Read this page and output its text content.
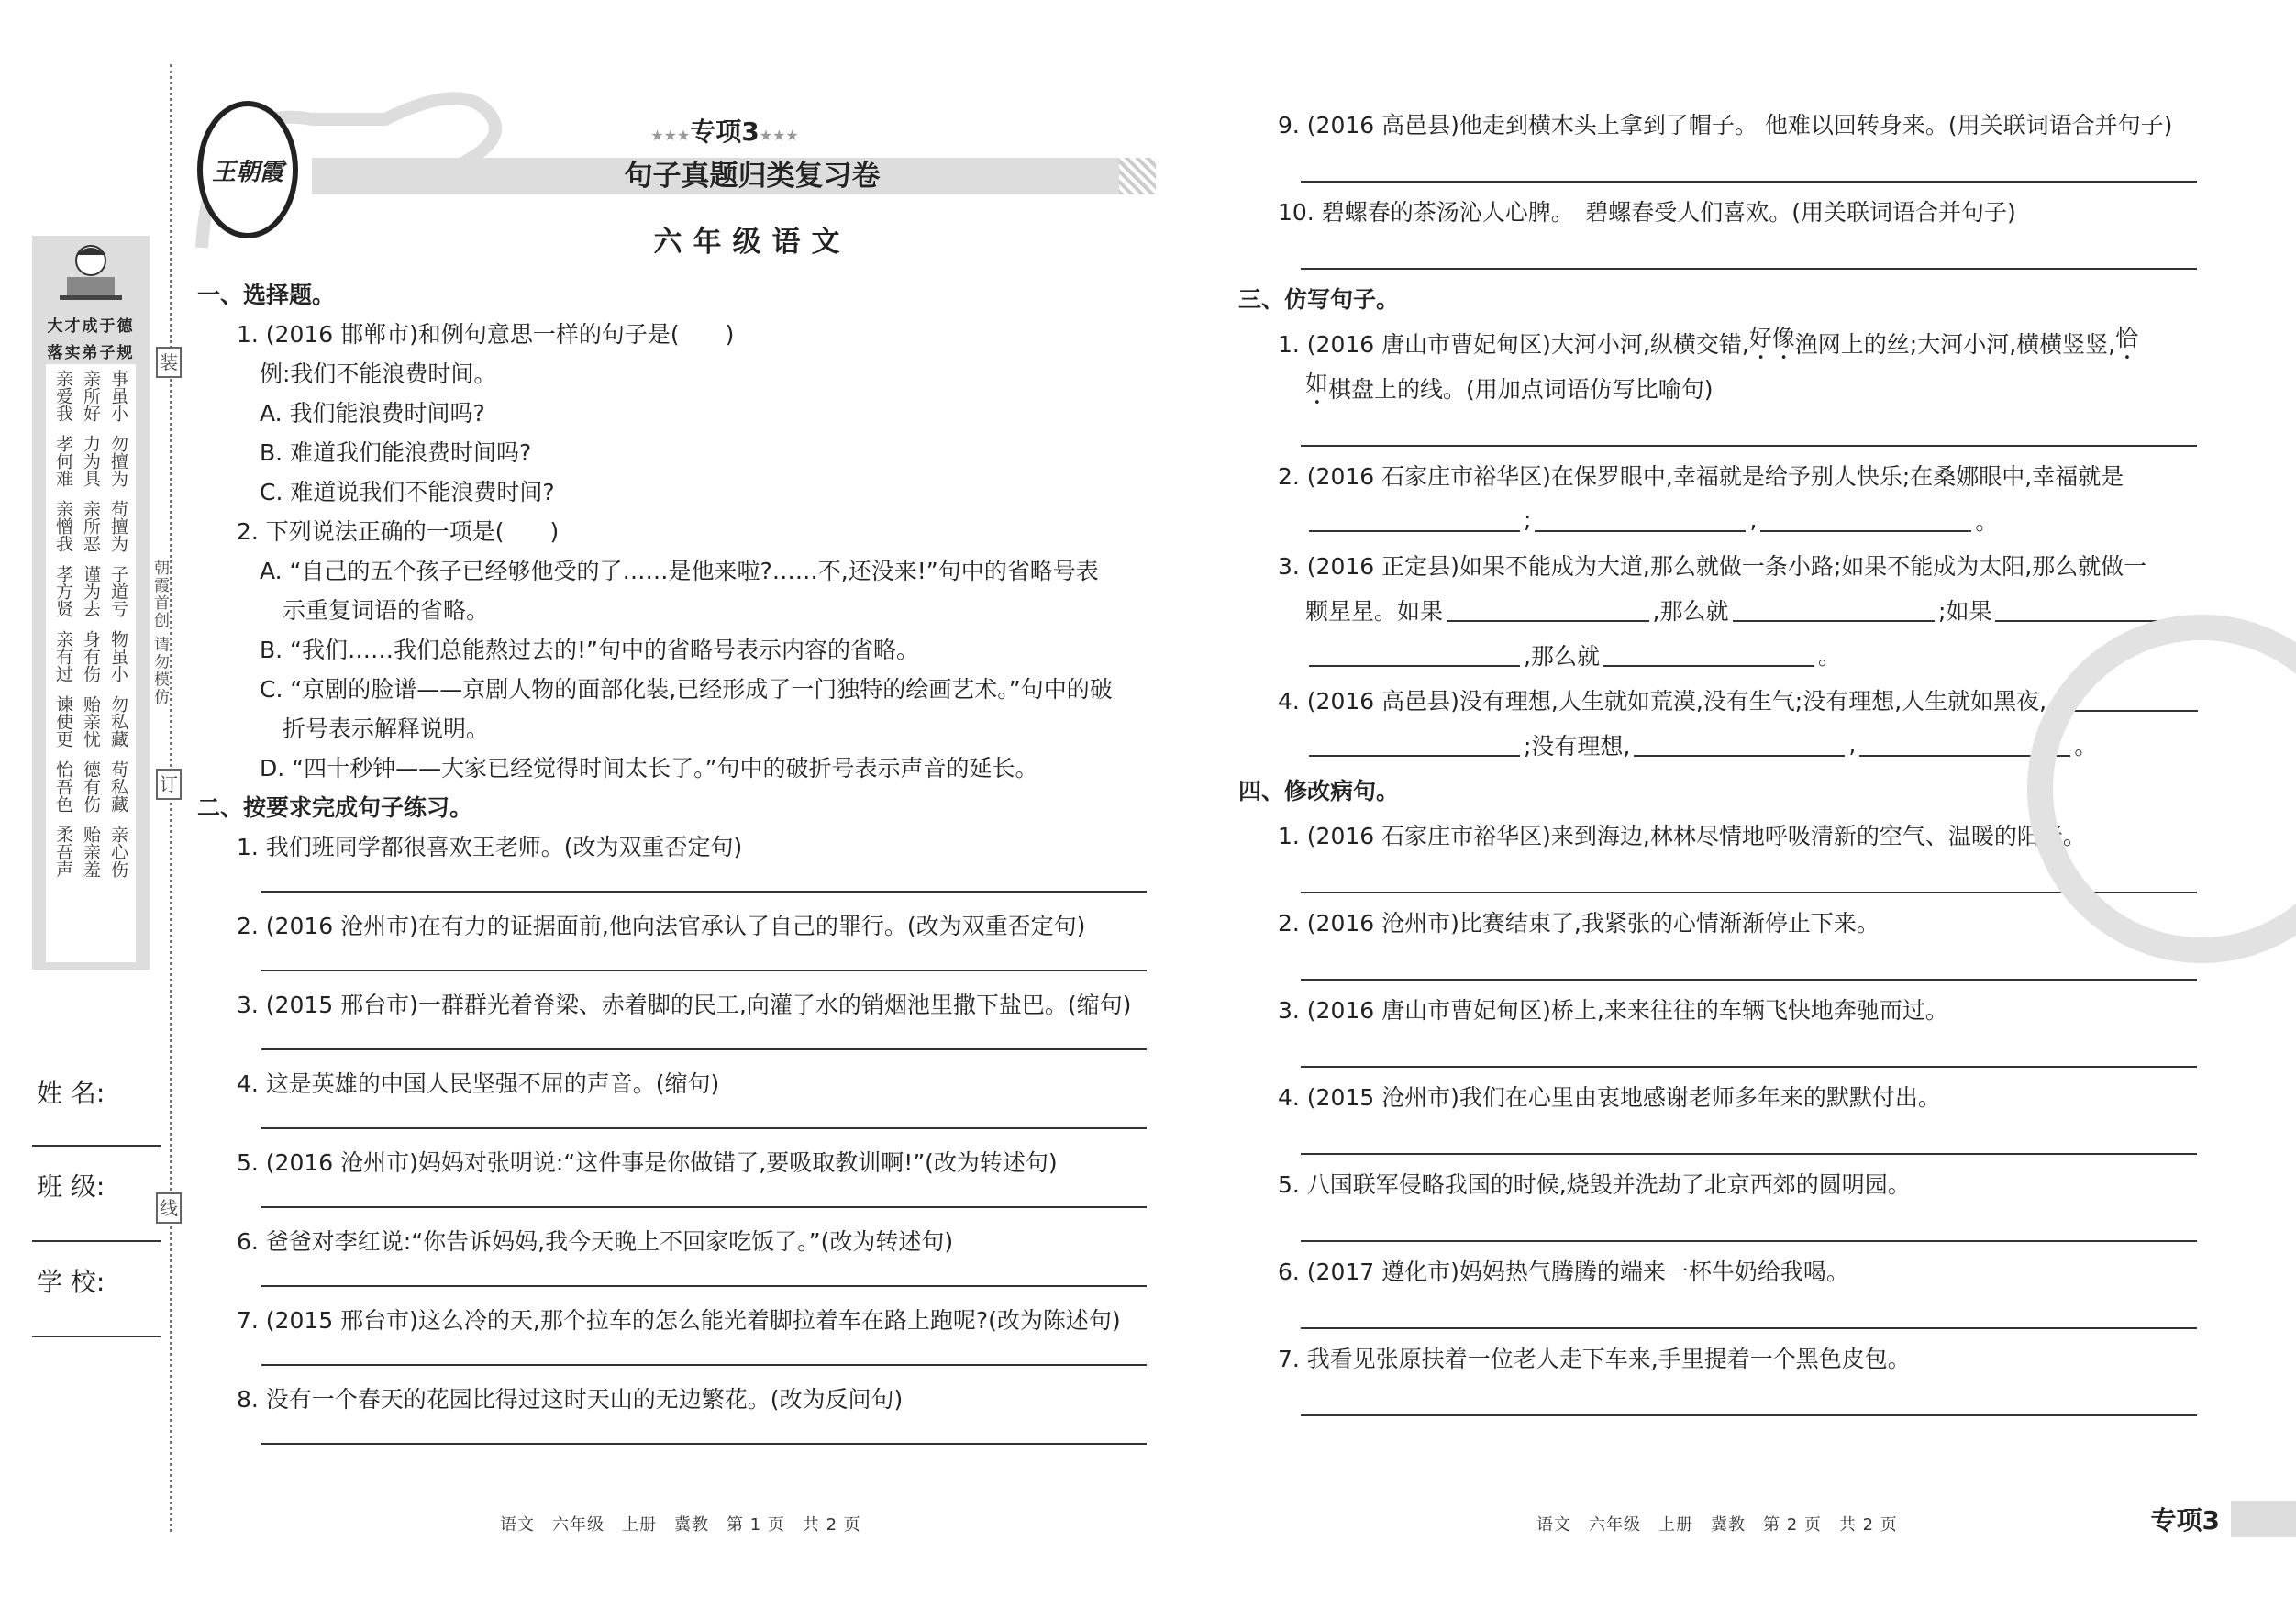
装
订
线
朝霞首创 请勿模仿
大才成于德
落实弟子规
亲爱我 亲所好 事虽小
孝何难 力为具 勿擅为
亲憎我 亲所恶 苟擅为
孝方贤 谨为去 子道亏
亲有过 身有伤 物虽小
谏使更 贻亲忧 勿私藏
怡吾色 德有伤 苟私藏
柔吾声 贻亲羞 亲心伤
姓 名:
班 级:
学 校:
王朝霞
★★★专项3★★★
句子真题归类复习卷
六年级语文
一、选择题。
1. (2016 邯郸市)和例句意思一样的句子是(　　)
　例:我们不能浪费时间。
　A. 我们能浪费时间吗?
　B. 难道我们能浪费时间吗?
　C. 难道说我们不能浪费时间?
2. 下列说法正确的一项是(　　)
　A. “自己的五个孩子已经够他受的了……是他来啦?……不,还没来!”句中的省略号表
　　示重复词语的省略。
　B. “我们……我们总能熬过去的!”句中的省略号表示内容的省略。
　C. “京剧的脸谱——京剧人物的面部化装,已经形成了一门独特的绘画艺术。”句中的破
　　折号表示解释说明。
　D. “四十秒钟——大家已经觉得时间太长了。”句中的破折号表示声音的延长。
二、按要求完成句子练习。
1. 我们班同学都很喜欢王老师。(改为双重否定句)
2. (2016 沧州市)在有力的证据面前,他向法官承认了自己的罪行。(改为双重否定句)
3. (2015 邢台市)一群群光着脊梁、赤着脚的民工,向灌了水的销烟池里撒下盐巴。(缩句)
4. 这是英雄的中国人民坚强不屈的声音。(缩句)
5. (2016 沧州市)妈妈对张明说:“这件事是你做错了,要吸取教训啊!”(改为转述句)
6. 爸爸对李红说:“你告诉妈妈,我今天晚上不回家吃饭了。”(改为转述句)
7. (2015 邢台市)这么冷的天,那个拉车的怎么能光着脚拉着车在路上跑呢?(改为陈述句)
8. 没有一个春天的花园比得过这时天山的无边繁花。(改为反问句)
9. (2016 高邑县)他走到横木头上拿到了帽子。 他难以回转身来。(用关联词语合并句子)
10. 碧螺春的茶汤沁人心脾。　碧螺春受人们喜欢。(用关联词语合并句子)
三、仿写句子。
1. (2016 唐山市曹妃甸区)大河小河,纵横交错, 好像 渔网上的丝;大河小河,横横竖竖, 恰
如 棋盘上的线。(用加点词语仿写比喻句)
2. (2016 石家庄市裕华区)在保罗眼中,幸福就是给予别人快乐;在桑娜眼中,幸福就是
;	,	。
3. (2016 正定县)如果不能成为大道,那么就做一条小路;如果不能成为太阳,那么就做一
颗星星。如果	,那么就	;如果
,那么就	。
4. (2016 高邑县)没有理想,人生就如荒漠,没有生气;没有理想,人生就如黑夜,
;没有理想,	,	。
四、修改病句。
1. (2016 石家庄市裕华区)来到海边,林林尽情地呼吸清新的空气、温暖的阳光。
2. (2016 沧州市)比赛结束了,我紧张的心情渐渐停止下来。
3. (2016 唐山市曹妃甸区)桥上,来来往往的车辆飞快地奔驰而过。
4. (2015 沧州市)我们在心里由衷地感谢老师多年来的默默付出。
5. 八国联军侵略我国的时候,烧毁并洗劫了北京西郊的圆明园。
6. (2017 遵化市)妈妈热气腾腾的端来一杯牛奶给我喝。
7. 我看见张原扶着一位老人走下车来,手里提着一个黑色皮包。
语文　六年级　上册　冀教　第 1 页　共 2 页	语文　六年级　上册　冀教　第 2 页　共 2 页	专项3
